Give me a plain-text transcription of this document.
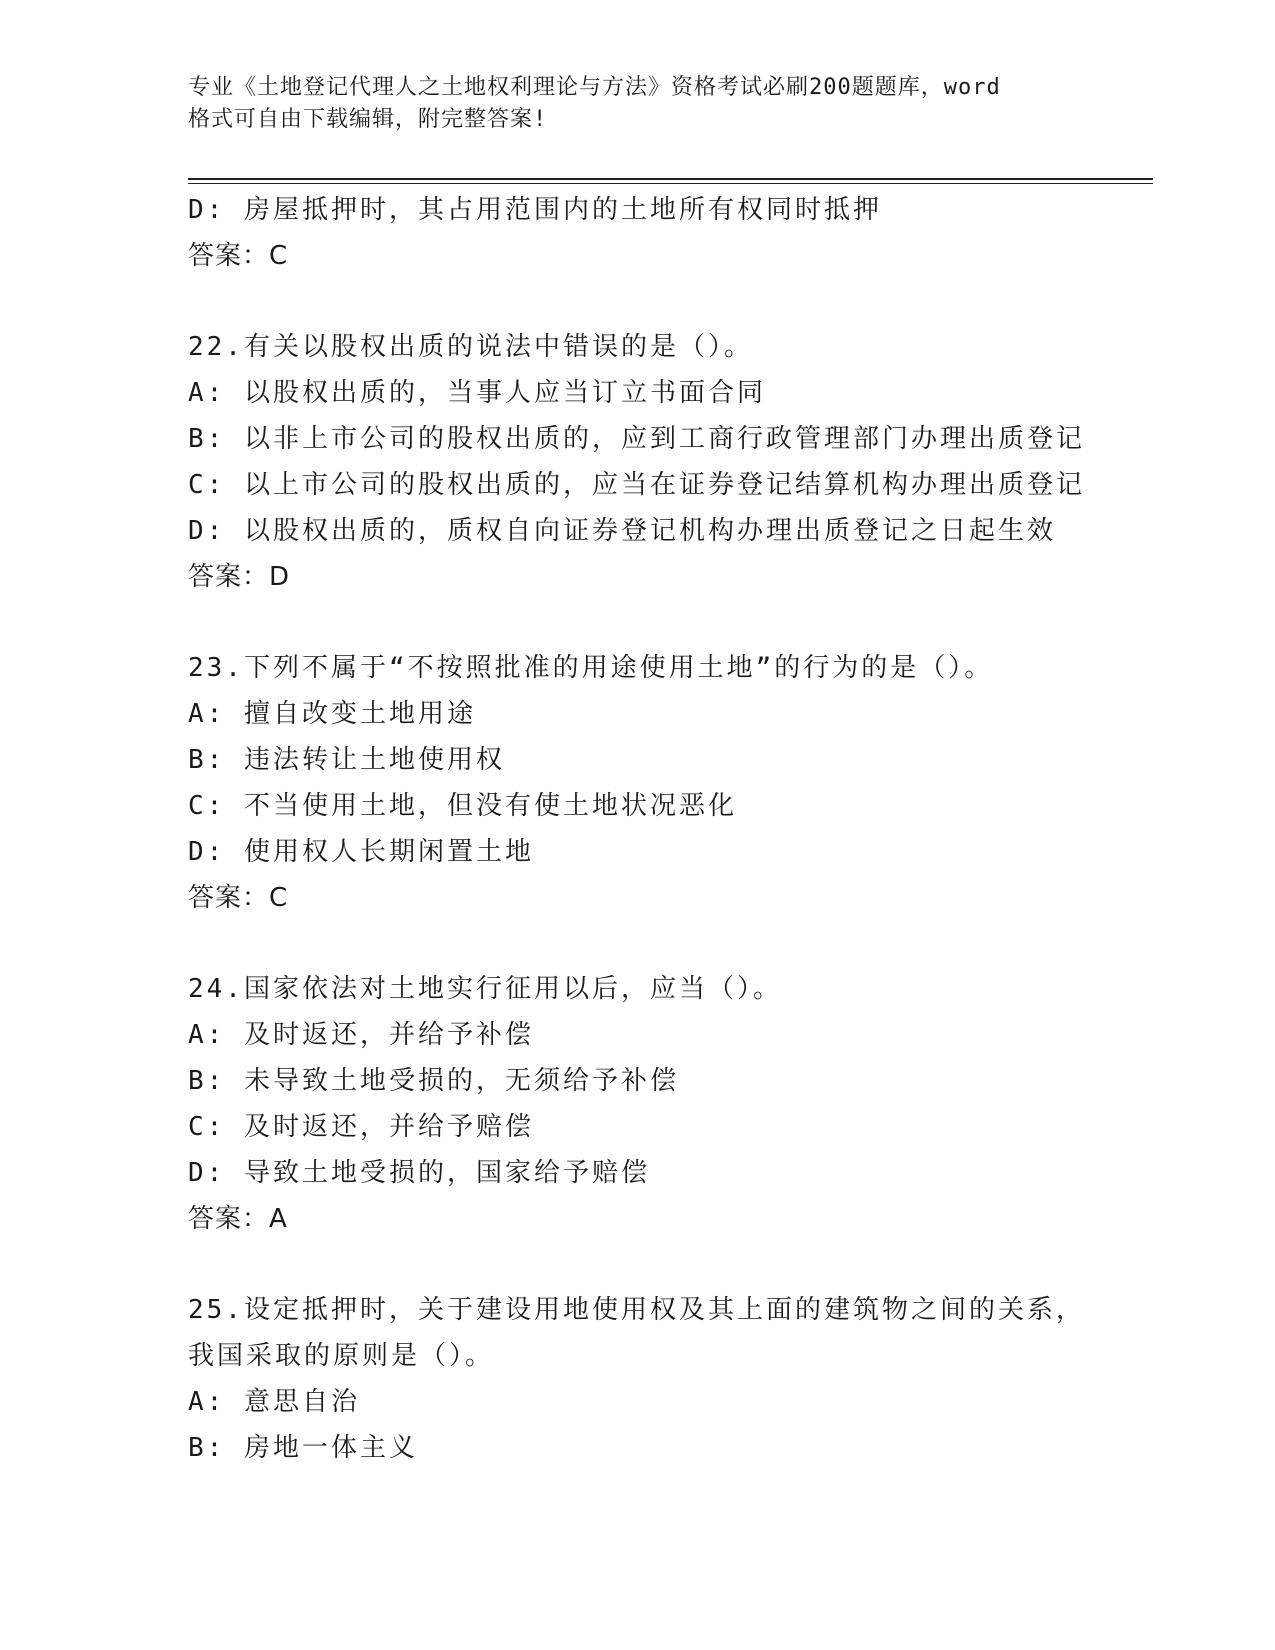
专业《土地登记代理人之土地权利理论与方法》资格考试必刷200题题库，word
格式可自由下载编辑，附完整答案!
D: 房屋抵押时，其占用范围内的土地所有权同时抵押
答案：C
22.有关以股权出质的说法中错误的是（）。
A: 以股权出质的，当事人应当订立书面合同
B: 以非上市公司的股权出质的，应到工商行政管理部门办理出质登记
C: 以上市公司的股权出质的，应当在证券登记结算机构办理出质登记
D: 以股权出质的，质权自向证券登记机构办理出质登记之日起生效
答案：D
23.下列不属于“不按照批准的用途使用土地”的行为的是（）。
A: 擅自改变土地用途
B: 违法转让土地使用权
C: 不当使用土地，但没有使土地状况恶化
D: 使用权人长期闲置土地
答案：C
24.国家依法对土地实行征用以后，应当（）。
A: 及时返还，并给予补偿
B: 未导致土地受损的，无须给予补偿
C: 及时返还，并给予赔偿
D: 导致土地受损的，国家给予赔偿
答案：A
25.设定抵押时，关于建设用地使用权及其上面的建筑物之间的关系，
我国采取的原则是（）。
A: 意思自治
B: 房地一体主义
